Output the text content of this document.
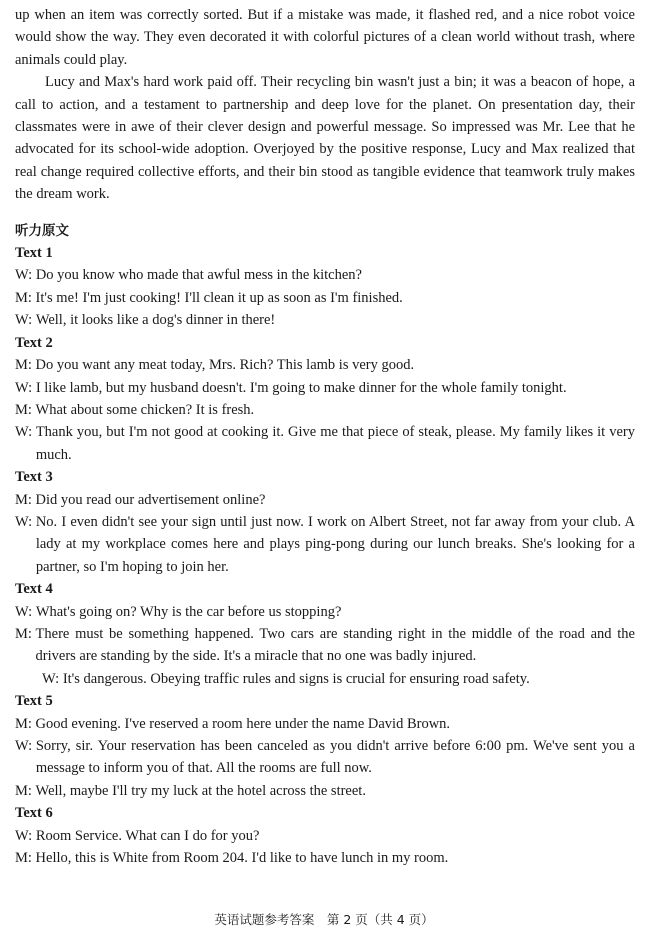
up when an item was correctly sorted. But if a mistake was made, it flashed red, and a nice robot voice would show the way. They even decorated it with colorful pictures of a clean world without trash, where animals could play.

Lucy and Max's hard work paid off. Their recycling bin wasn't just a bin; it was a beacon of hope, a call to action, and a testament to partnership and deep love for the planet. On presentation day, their classmates were in awe of their clever design and powerful message. So impressed was Mr. Lee that he advocated for its school-wide adoption. Overjoyed by the positive response, Lucy and Max realized that real change required collective efforts, and their bin stood as tangible evidence that teamwork truly makes the dream work.

听力原文
Text 1
W: Do you know who made that awful mess in the kitchen?
M: It's me! I'm just cooking! I'll clean it up as soon as I'm finished.
W: Well, it looks like a dog's dinner in there!
Text 2
M: Do you want any meat today, Mrs. Rich? This lamb is very good.
W: I like lamb, but my husband doesn't. I'm going to make dinner for the whole family tonight.
M: What about some chicken? It is fresh.
W: Thank you, but I'm not good at cooking it. Give me that piece of steak, please. My family likes it very much.
Text 3
M: Did you read our advertisement online?
W: No. I even didn't see your sign until just now. I work on Albert Street, not far away from your club. A lady at my workplace comes here and plays ping-pong during our lunch breaks. She's looking for a partner, so I'm hoping to join her.
Text 4
W: What's going on? Why is the car before us stopping?
M: There must be something happened. Two cars are standing right in the middle of the road and the drivers are standing by the side. It's a miracle that no one was badly injured.
W: It's dangerous. Obeying traffic rules and signs is crucial for ensuring road safety.
Text 5
M: Good evening. I've reserved a room here under the name David Brown.
W: Sorry, sir. Your reservation has been canceled as you didn't arrive before 6:00 pm. We've sent you a message to inform you of that. All the rooms are full now.
M: Well, maybe I'll try my luck at the hotel across the street.
Text 6
W: Room Service. What can I do for you?
M: Hello, this is White from Room 204. I'd like to have lunch in my room.
英语试题参考答案　第 2 页（共 4 页）
